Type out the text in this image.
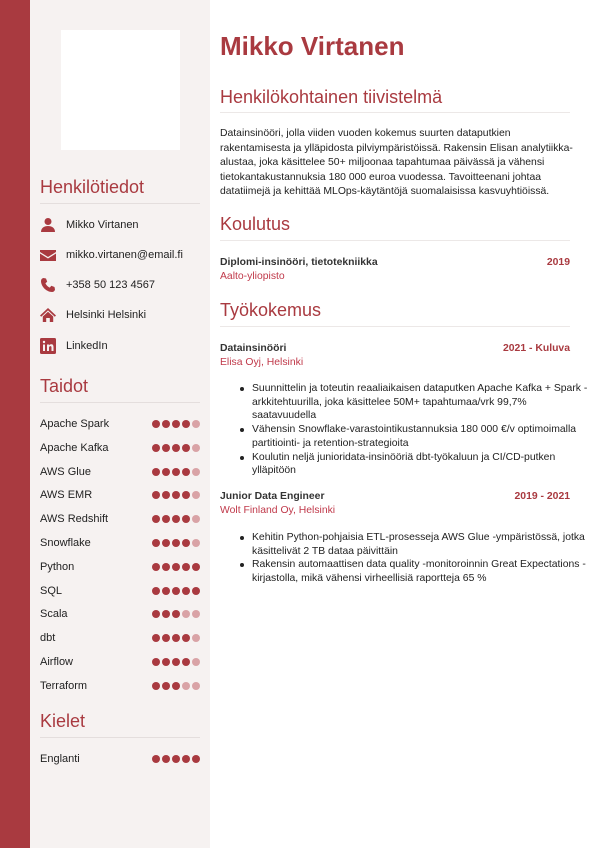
Henkilötiedot
Mikko Virtanen
mikko.virtanen@email.fi
+358 50 123 4567
Helsinki Helsinki
LinkedIn
Taidot
Apache Spark
Apache Kafka
AWS Glue
AWS EMR
AWS Redshift
Snowflake
Python
SQL
Scala
dbt
Airflow
Terraform
Kielet
Englanti
Mikko Virtanen
Henkilökohtainen tiivistelmä
Datainsinööri, jolla viiden vuoden kokemus suurten dataputkien rakentamisesta ja ylläpidosta pilviympäristöissä. Rakensin Elisan analytiikka-alustaa, joka käsittelee 50+ miljoonaa tapahtumaa päivässä ja vähensi tietokantakustannuksia 180 000 euroa vuodessa. Tavoitteenani johtaa datatiimejä ja kehittää MLOps-käytäntöjä suomalaisissa kasvuyhtiöissä.
Koulutus
Diplomi-insinööri, tietotekniikka	2019
Aalto-yliopisto
Työkokemus
Datainsinööri	2021 - Kuluva
Elisa Oyj, Helsinki
Suunnittelin ja toteutin reaaliaikaisen dataputken Apache Kafka + Spark -arkkitehtuurilla, joka käsittelee 50M+ tapahtumaa/vrk 99,7% saatavuudella
Vähensin Snowflake-varastointikustannuksia 180 000 €/v optimoimalla partitiointi- ja retention-strategioita
Koulutin neljä junioridata-insinööriä dbt-työkaluun ja CI/CD-putken ylläpitöön
Junior Data Engineer	2019 - 2021
Wolt Finland Oy, Helsinki
Kehitin Python-pohjaisia ETL-prosesseja AWS Glue -ympäristössä, jotka käsittelivät 2 TB dataa päivittäin
Rakensin automaattisen data quality -monitoroinnin Great Expectations -kirjastolla, mikä vähensi virheellisiä raportteja 65 %
